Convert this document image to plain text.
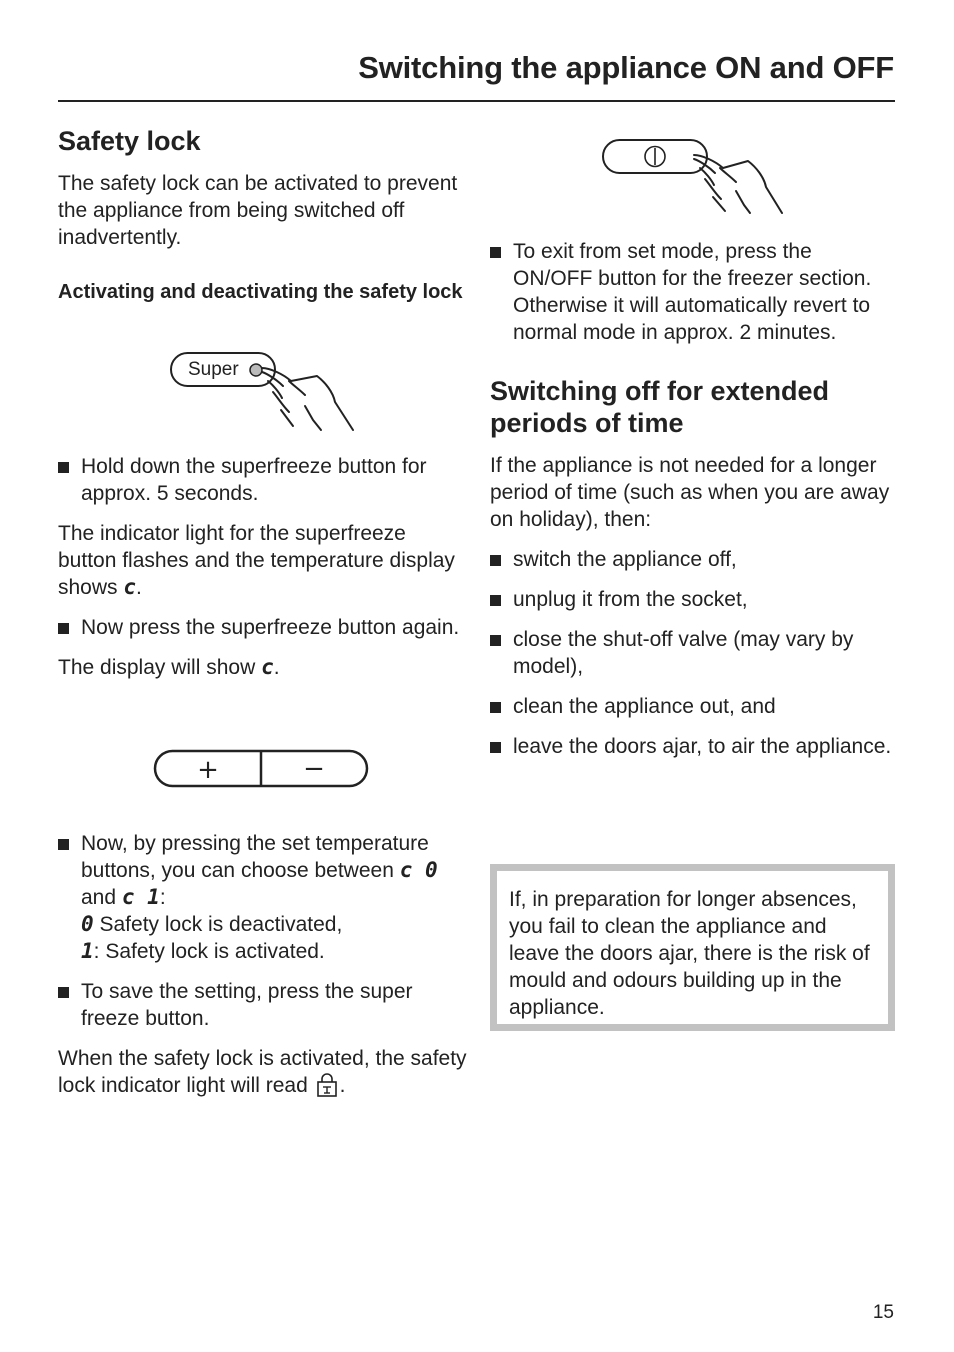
Switching the appliance ON and OFF
Safety lock

The safety lock can be activated to prevent the appliance from being switched off inadvertently.

Activating and deactivating the safety lock
Super

Hold down the superfreeze button for approx. 5 seconds.

The indicator light for the superfreeze button flashes and the temperature display shows c.

Now press the superfreeze button again.

The display will show c.

+	−
Now, by pressing the set temperature buttons, you can choose between c 0 and c 1:
0 Safety lock is deactivated,
1: Safety lock is activated.

To save the setting, press the super freeze button.

When the safety lock is activated, the safety lock indicator light will read .

To exit from set mode, press the ON/OFF button for the freezer section. Otherwise it will automatically revert to normal mode in approx. 2 minutes.

Switching off for extended periods of time

If the appliance is not needed for a longer period of time (such as when you are away on holiday), then:

switch the appliance off,

unplug it from the socket,

close the shut-off valve (may vary by model),

clean the appliance out, and

leave the doors ajar, to air the appliance.

If, in preparation for longer absences, you fail to clean the appliance and leave the doors ajar, there is the risk of mould and odours building up in the appliance.

15
